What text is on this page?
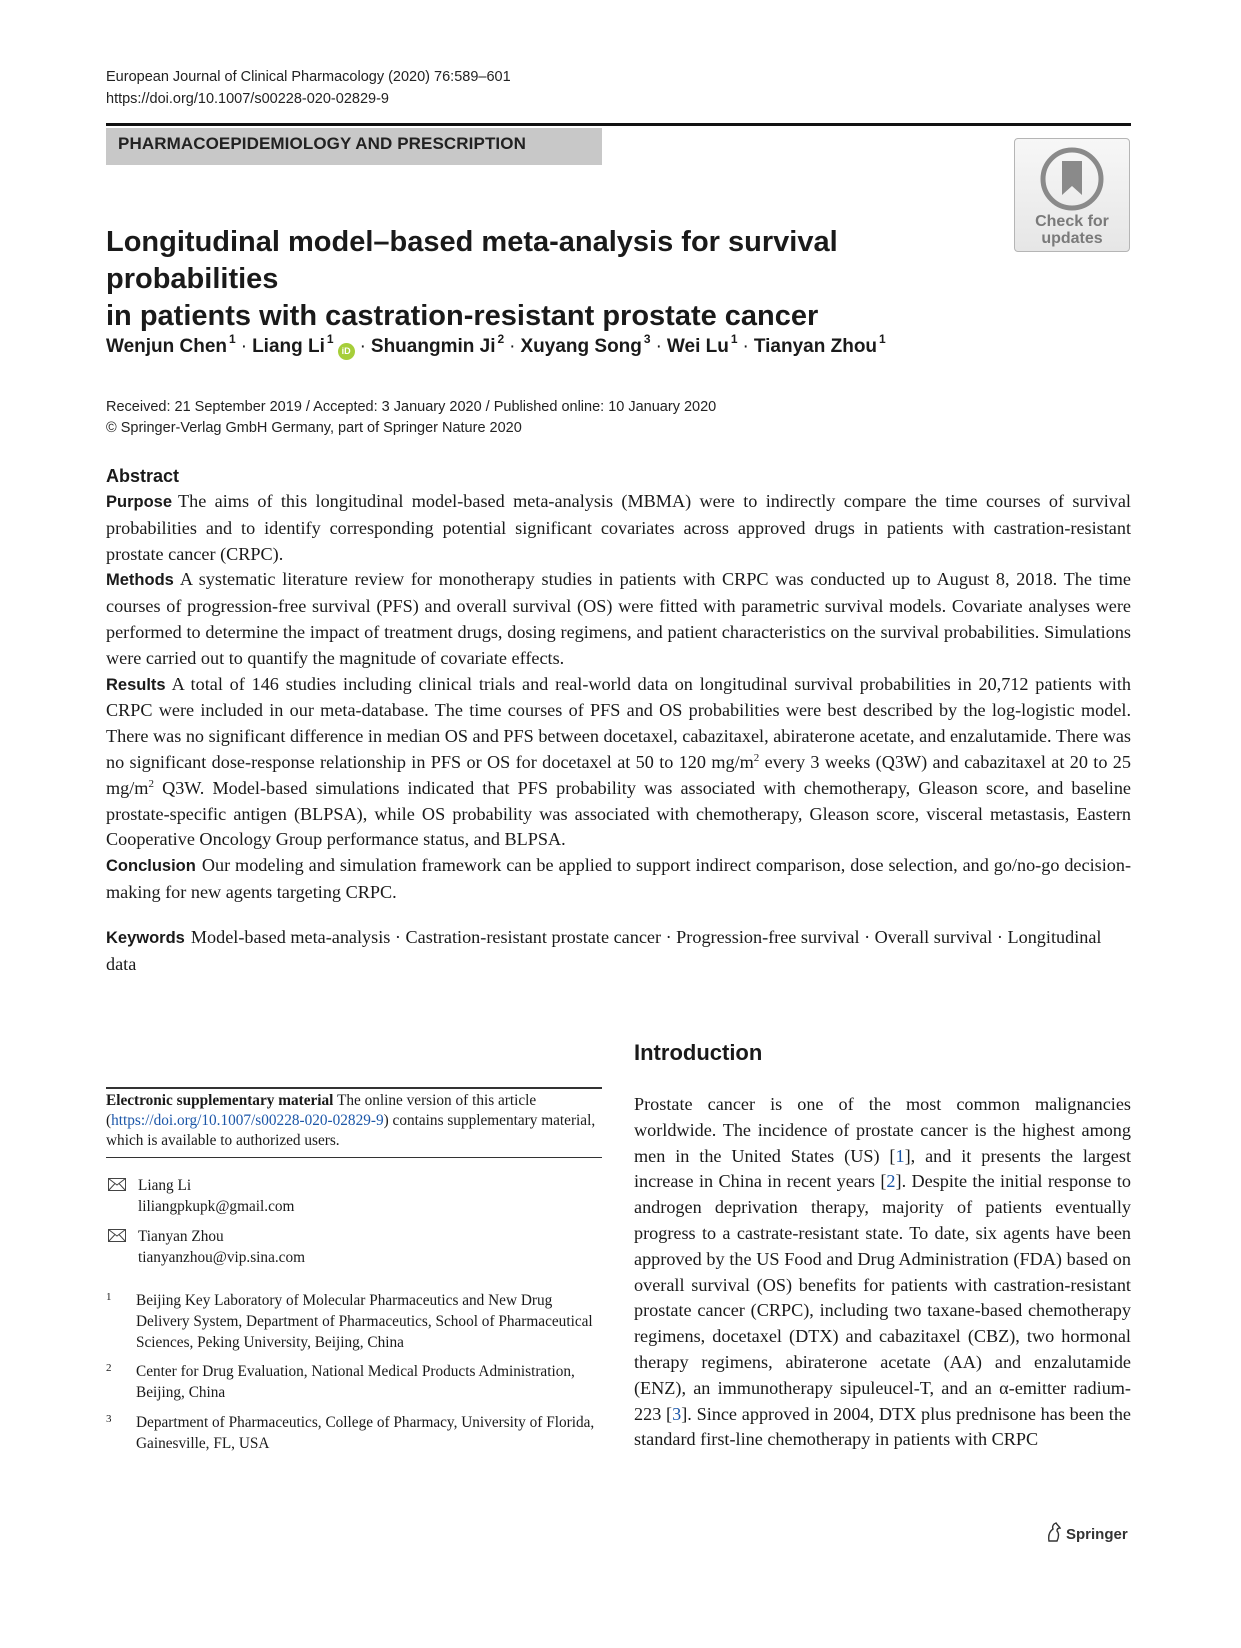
European Journal of Clinical Pharmacology (2020) 76:589–601
https://doi.org/10.1007/s00228-020-02829-9
PHARMACOEPIDEMIOLOGY AND PRESCRIPTION
Check for
updates
Longitudinal model–based meta-analysis for survival probabilities
in patients with castration-resistant prostate cancer
Wenjun Chen $^1$ · Liang Li $^1$iD · Shuangmin Ji $^2$ · Xuyang Song $^3$ · Wei Lu $^1$ · Tianyan Zhou $^1$
Received: 21 September 2019 / Accepted: 3 January 2020 / Published online: 10 January 2020
© Springer-Verlag GmbH Germany, part of Springer Nature 2020
Abstract

Purpose The aims of this longitudinal model-based meta-analysis (MBMA) were to indirectly compare the time courses of survival probabilities and to identify corresponding potential significant covariates across approved drugs in patients with castration-resistant prostate cancer (CRPC).

Methods A systematic literature review for monotherapy studies in patients with CRPC was conducted up to August 8, 2018. The time courses of progression-free survival (PFS) and overall survival (OS) were fitted with parametric survival models. Covariate analyses were performed to determine the impact of treatment drugs, dosing regimens, and patient characteristics on the survival probabilities. Simulations were carried out to quantify the magnitude of covariate effects.

Results A total of 146 studies including clinical trials and real-world data on longitudinal survival probabilities in 20,712 patients with CRPC were included in our meta-database. The time courses of PFS and OS probabilities were best described by the log-logistic model. There was no significant difference in median OS and PFS between docetaxel, cabazitaxel, abiraterone acetate, and enzalutamide. There was no significant dose-response relationship in PFS or OS for docetaxel at 50 to 120 $mg/m^2$ every 3 weeks (Q3W) and cabazitaxel at 20 to 25 $mg/m^2$ Q3W. Model-based simulations indicated that PFS probability was associated with chemotherapy, Gleason score, and baseline prostate-specific antigen (BLPSA), while OS probability was associated with chemotherapy, Gleason score, visceral metastasis, Eastern Cooperative Oncology Group performance status, and BLPSA.

Conclusion Our modeling and simulation framework can be applied to support indirect comparison, dose selection, and go/no-go decision-making for new agents targeting CRPC.

Keywords Model-based meta-analysis · Castration-resistant prostate cancer · Progression-free survival · Overall survival · Longitudinal data

Electronic supplementary material The online version of this article (https://doi.org/10.1007/s00228-020-02829-9) contains supplementary material, which is available to authorized users.

Liang Li
liliangpkupk@gmail.com
Tianyan Zhou
tianyanzhou@vip.sina.com
1 Beijing Key Laboratory of Molecular Pharmaceutics and New Drug Delivery System, Department of Pharmaceutics, School of Pharmaceutical Sciences, Peking University, Beijing, China
2 Center for Drug Evaluation, National Medical Products Administration, Beijing, China
3 Department of Pharmaceutics, College of Pharmacy, University of Florida, Gainesville, FL, USA
Introduction

Prostate cancer is one of the most common malignancies worldwide. The incidence of prostate cancer is the highest among men in the United States (US) [1], and it presents the largest increase in China in recent years [2]. Despite the initial response to androgen deprivation therapy, majority of patients eventually progress to a castrate-resistant state. To date, six agents have been approved by the US Food and Drug Administration (FDA) based on overall survival (OS) benefits for patients with castration-resistant prostate cancer (CRPC), including two taxane-based chemotherapy regimens, docetaxel (DTX) and cabazitaxel (CBZ), two hormonal therapy regimens, abiraterone acetate (AA) and enzalutamide (ENZ), an immunotherapy sipuleucel-T, and an α-emitter radium-223 [3]. Since approved in 2004, DTX plus prednisone has been the standard first-line chemotherapy in patients with CRPC

Springer
